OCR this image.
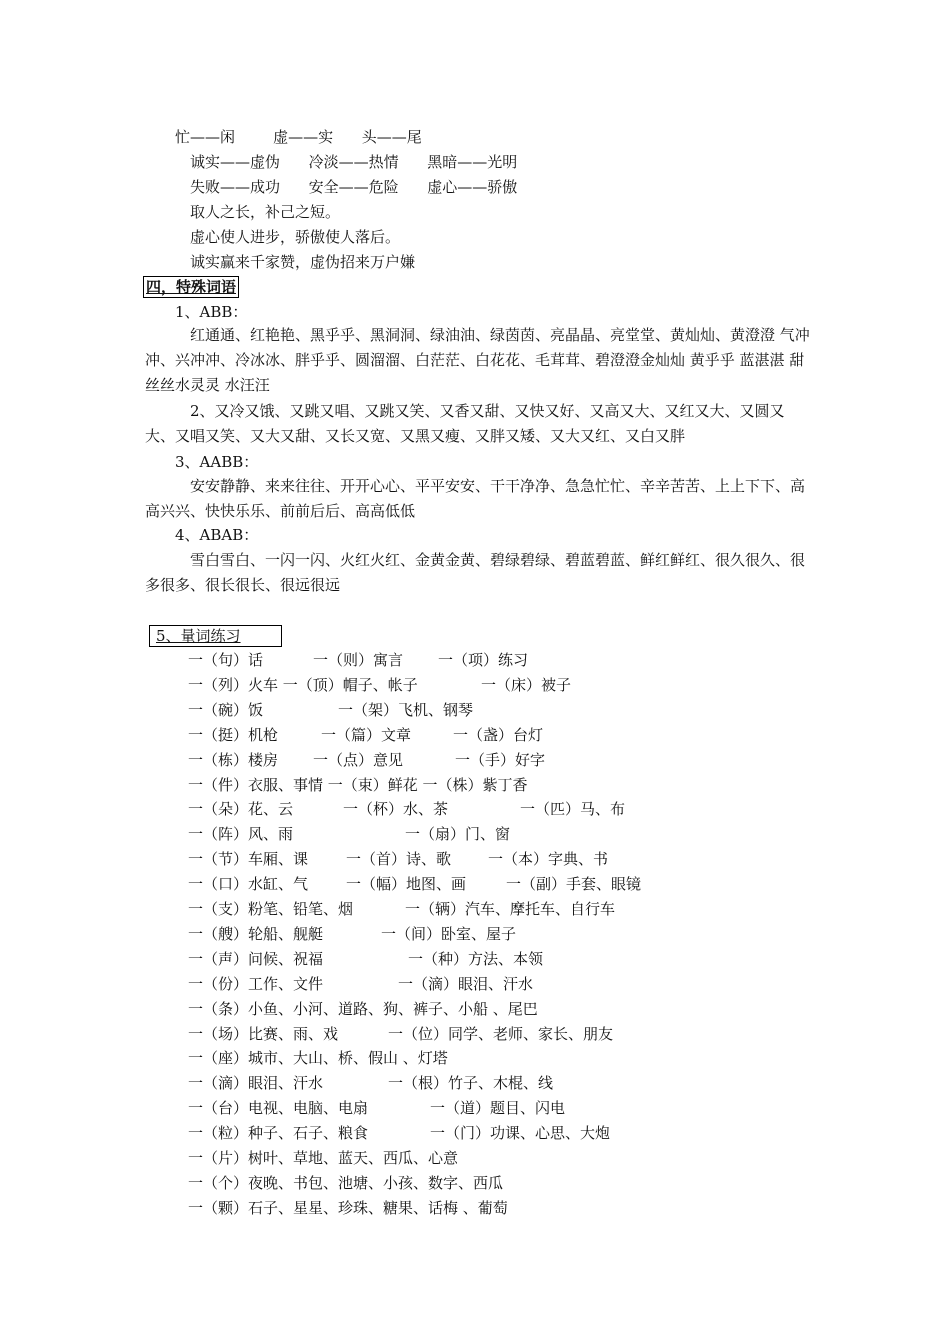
忙——闲        虚——实      头——尾
诚实——虚伪      冷淡——热情      黑暗——光明
失败——成功      安全——危险      虚心——骄傲
取人之长，补己之短。
虚心使人进步，骄傲使人落后。
诚实赢来千家赞，虚伪招来万户嫌
四，特殊词语
1、ABB：
红通通、红艳艳、黑乎乎、黑洞洞、绿油油、绿茵茵、亮晶晶、亮堂堂、黄灿灿、黄澄澄 气冲冲、兴冲冲、冷冰冰、胖乎乎、圆溜溜、白茫茫、白花花、毛茸茸、碧澄澄金灿灿 黄乎乎 蓝湛湛 甜丝丝水灵灵 水汪汪
2、又冷又饿、又跳又唱、又跳又笑、又香又甜、又快又好、又高又大、又红又大、又圆又大、又唱又笑、又大又甜、又长又宽、又黑又瘦、又胖又矮、又大又红、又白又胖
3、AABB：
安安静静、来来往往、开开心心、平平安安、干干净净、急急忙忙、辛辛苦苦、上上下下、高高兴兴、快快乐乐、前前后后、高高低低
4、ABAB：
雪白雪白、一闪一闪、火红火红、金黄金黄、碧绿碧绿、碧蓝碧蓝、鲜红鲜红、很久很久、很多很多、很长很长、很远很远
5、量词练习
一（句）话	一（则）寓言 一（项）练习
一（列）火车 一（顶）帽子、帐子	一（床）被子
一（碗）饭	一（架）飞机、钢琴
一（挺）机枪	一（篇）文章	一（盏）台灯
一（栋）楼房 一（点）意见	一（手）好字
一（件）衣服、事情 一（束）鲜花 一（株）紫丁香
一（朵）花、云	一（杯）水、茶	一（匹）马、布
一（阵）风、雨	一（扇）门、窗
一（节）车厢、课	一（首）诗、歌 一（本）字典、书
一（口）水缸、气	一（幅）地图、画	一（副）手套、眼镜
一（支）粉笔、铅笔、烟	一（辆）汽车、摩托车、自行车
一（艘）轮船、舰艇	一（间）卧室、屋子
一（声）问候、祝福	一（种）方法、本领
一（份）工作、文件	一（滴）眼泪、汗水
一（条）小鱼、小河、道路、狗、裤子、小船 、尾巴
一（场）比赛、雨、戏	一（位）同学、老师、家长、朋友
一（座）城市、大山、桥、假山 、灯塔
一（滴）眼泪、汗水	一（根）竹子、木棍、线
一（台）电视、电脑、电扇	一（道）题目、闪电
一（粒）种子、石子、粮食	一（门）功课、心思、大炮
一（片）树叶、草地、蓝天、西瓜、心意
一（个）夜晚、书包、池塘、小孩、数字、西瓜
一（颗）石子、星星、珍珠、糖果、话梅 、葡萄
